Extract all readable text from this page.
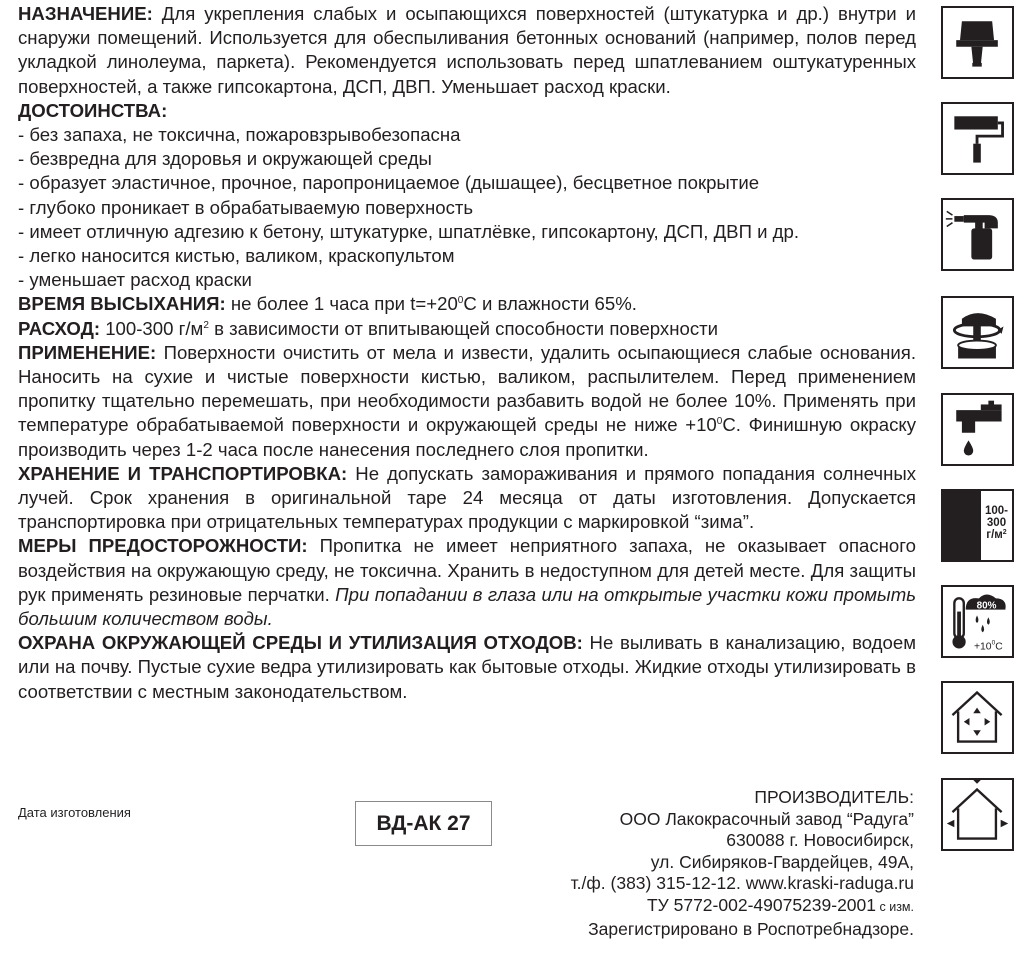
НАЗНАЧЕНИЕ: Для укрепления слабых и осыпающихся поверхностей (штукатурка и др.) внутри и снаружи помещений. Используется для обеспыливания бетонных оснований (например, полов перед укладкой линолеума, паркета). Рекомендуется использовать перед шпатлеванием оштукатуренных поверхностей, а также гипсокартона, ДСП, ДВП. Уменьшает расход краски.

ДОСТОИНСТВА:

- без запаха, не токсична, пожаровзрывобезопасна
- безвредна для здоровья и окружающей среды
- образует эластичное, прочное, паропроницаемое (дышащее), бесцветное покрытие
- глубоко проникает в обрабатываемую поверхность
- имеет отличную адгезию к бетону, штукатурке, шпатлёвке, гипсокартону, ДСП, ДВП и др.
- легко наносится кистью, валиком, краскопультом
- уменьшает расход краски

ВРЕМЯ ВЫСЫХАНИЯ: не более 1 часа при $t=+20^0С$ и влажности 65%.

РАСХОД: 100-300 $г/м^2$ в зависимости от впитывающей способности поверхности

ПРИМЕНЕНИЕ: Поверхности очистить от мела и извести, удалить осыпающиеся слабые основания. Наносить на сухие и чистые поверхности кистью, валиком, распылителем. Перед применением пропитку тщательно перемешать, при необходимости разбавить водой не более 10%. Применять при температуре обрабатываемой поверхности и окружающей среды не ниже $+10^0С$. Финишную окраску производить через 1-2 часа после нанесения последнего слоя пропитки.

ХРАНЕНИЕ И ТРАНСПОРТИРОВКА: Не допускать замораживания и прямого попадания солнечных лучей. Срок хранения в оригинальной таре 24 месяца от даты изготовления. Допускается транспортировка при отрицательных температурах продукции с маркировкой “зима”.

МЕРЫ ПРЕДОСТОРОЖНОСТИ: Пропитка не имеет неприятного запаха, не оказывает опасного воздействия на окружающую среду, не токсична. Хранить в недоступном для детей месте. Для защиты рук применять резиновые перчатки. При попадании в глаза или на открытые участки кожи промыть большим количеством воды.

ОХРАНА ОКРУЖАЮЩЕЙ СРЕДЫ И УТИЛИЗАЦИЯ ОТХОДОВ: Не выливать в канализацию, водоем или на почву. Пустые сухие ведра утилизировать как бытовые отходы. Жидкие отходы утилизировать в соответствии с местным законодательством.

100-
300
$г/м^2$
80%
$+10^0С$
Дата изготовления	ВД-АК 27

ПРОИЗВОДИТЕЛЬ:

ООО Лакокрасочный завод “Радуга”

630088 г. Новосибирск,

ул. Сибиряков-Гвардейцев, 49А,

т./ф. (383) 315-12-12. www.kraski-raduga.ru

ТУ 5772-002-49075239-2001 с изм.

Зарегистрировано в Роспотребнадзоре.
